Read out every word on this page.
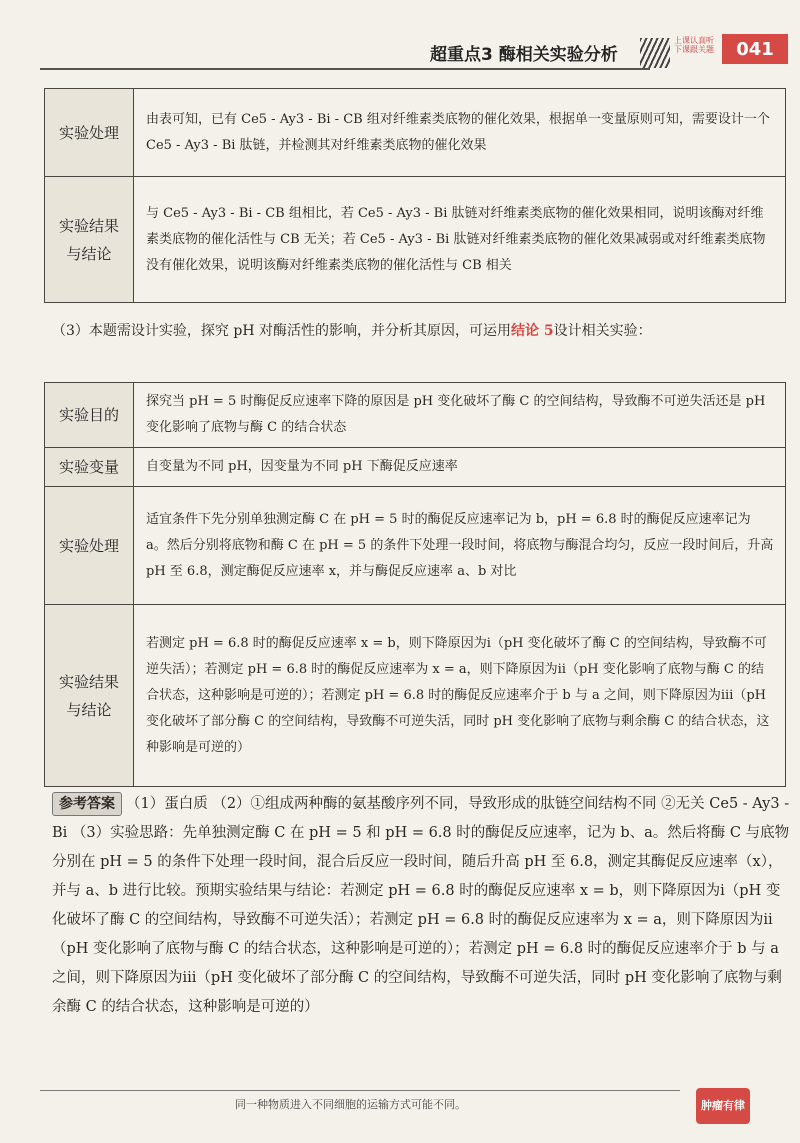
超重点3 酶相关实验分析
上课认真听 下课跟关题	041
实验处理	由表可知，已有 Ce5 - Ay3 - Bi - CB 组对纤维素类底物的催化效果，根据单一变量原则可知，需要设计一个 Ce5 - Ay3 - Bi 肽链，并检测其对纤维素类底物的催化效果
实验结果与结论	与 Ce5 - Ay3 - Bi - CB 组相比，若 Ce5 - Ay3 - Bi 肽链对纤维素类底物的催化效果相同，说明该酶对纤维素类底物的催化活性与 CB 无关；若 Ce5 - Ay3 - Bi 肽链对纤维素类底物的催化效果减弱或对纤维素类底物没有催化效果，说明该酶对纤维素类底物的催化活性与 CB 相关
（3）本题需设计实验，探究 pH 对酶活性的影响，并分析其原因，可运用结论 5设计相关实验：
实验目的	探究当 pH = 5 时酶促反应速率下降的原因是 pH 变化破坏了酶 C 的空间结构，导致酶不可逆失活还是 pH 变化影响了底物与酶 C 的结合状态
实验变量	自变量为不同 pH，因变量为不同 pH 下酶促反应速率
实验处理	适宜条件下先分别单独测定酶 C 在 pH = 5 时的酶促反应速率记为 b，pH = 6.8 时的酶促反应速率记为 a。然后分别将底物和酶 C 在 pH = 5 的条件下处理一段时间，将底物与酶混合均匀，反应一段时间后，升高 pH 至 6.8，测定酶促反应速率 x，并与酶促反应速率 a、b 对比
实验结果与结论	若测定 pH = 6.8 时的酶促反应速率 x = b，则下降原因为ⅰ（pH 变化破坏了酶 C 的空间结构，导致酶不可逆失活）；若测定 pH = 6.8 时的酶促反应速率为 x = a，则下降原因为ⅱ（pH 变化影响了底物与酶 C 的结合状态，这种影响是可逆的）；若测定 pH = 6.8 时的酶促反应速率介于 b 与 a 之间，则下降原因为ⅲ（pH 变化破坏了部分酶 C 的空间结构，导致酶不可逆失活，同时 pH 变化影响了底物与剩余酶 C 的结合状态，这种影响是可逆的）
参考答案 （1）蛋白质 （2）①组成两种酶的氨基酸序列不同，导致形成的肽链空间结构不同 ②无关 Ce5 - Ay3 - Bi （3）实验思路：先单独测定酶 C 在 pH = 5 和 pH = 6.8 时的酶促反应速率，记为 b、a。然后将酶 C 与底物分别在 pH = 5 的条件下处理一段时间，混合后反应一段时间，随后升高 pH 至 6.8，测定其酶促反应速率（x），并与 a、b 进行比较。预期实验结果与结论：若测定 pH = 6.8 时的酶促反应速率 x = b，则下降原因为ⅰ（pH 变化破坏了酶 C 的空间结构，导致酶不可逆失活）；若测定 pH = 6.8 时的酶促反应速率为 x = a，则下降原因为ⅱ（pH 变化影响了底物与酶 C 的结合状态，这种影响是可逆的）；若测定 pH = 6.8 时的酶促反应速率介于 b 与 a 之间，则下降原因为ⅲ（pH 变化破坏了部分酶 C 的空间结构，导致酶不可逆失活，同时 pH 变化影响了底物与剩余酶 C 的结合状态，这种影响是可逆的）
同一种物质进入不同细胞的运输方式可能不同。	肿瘤有律
